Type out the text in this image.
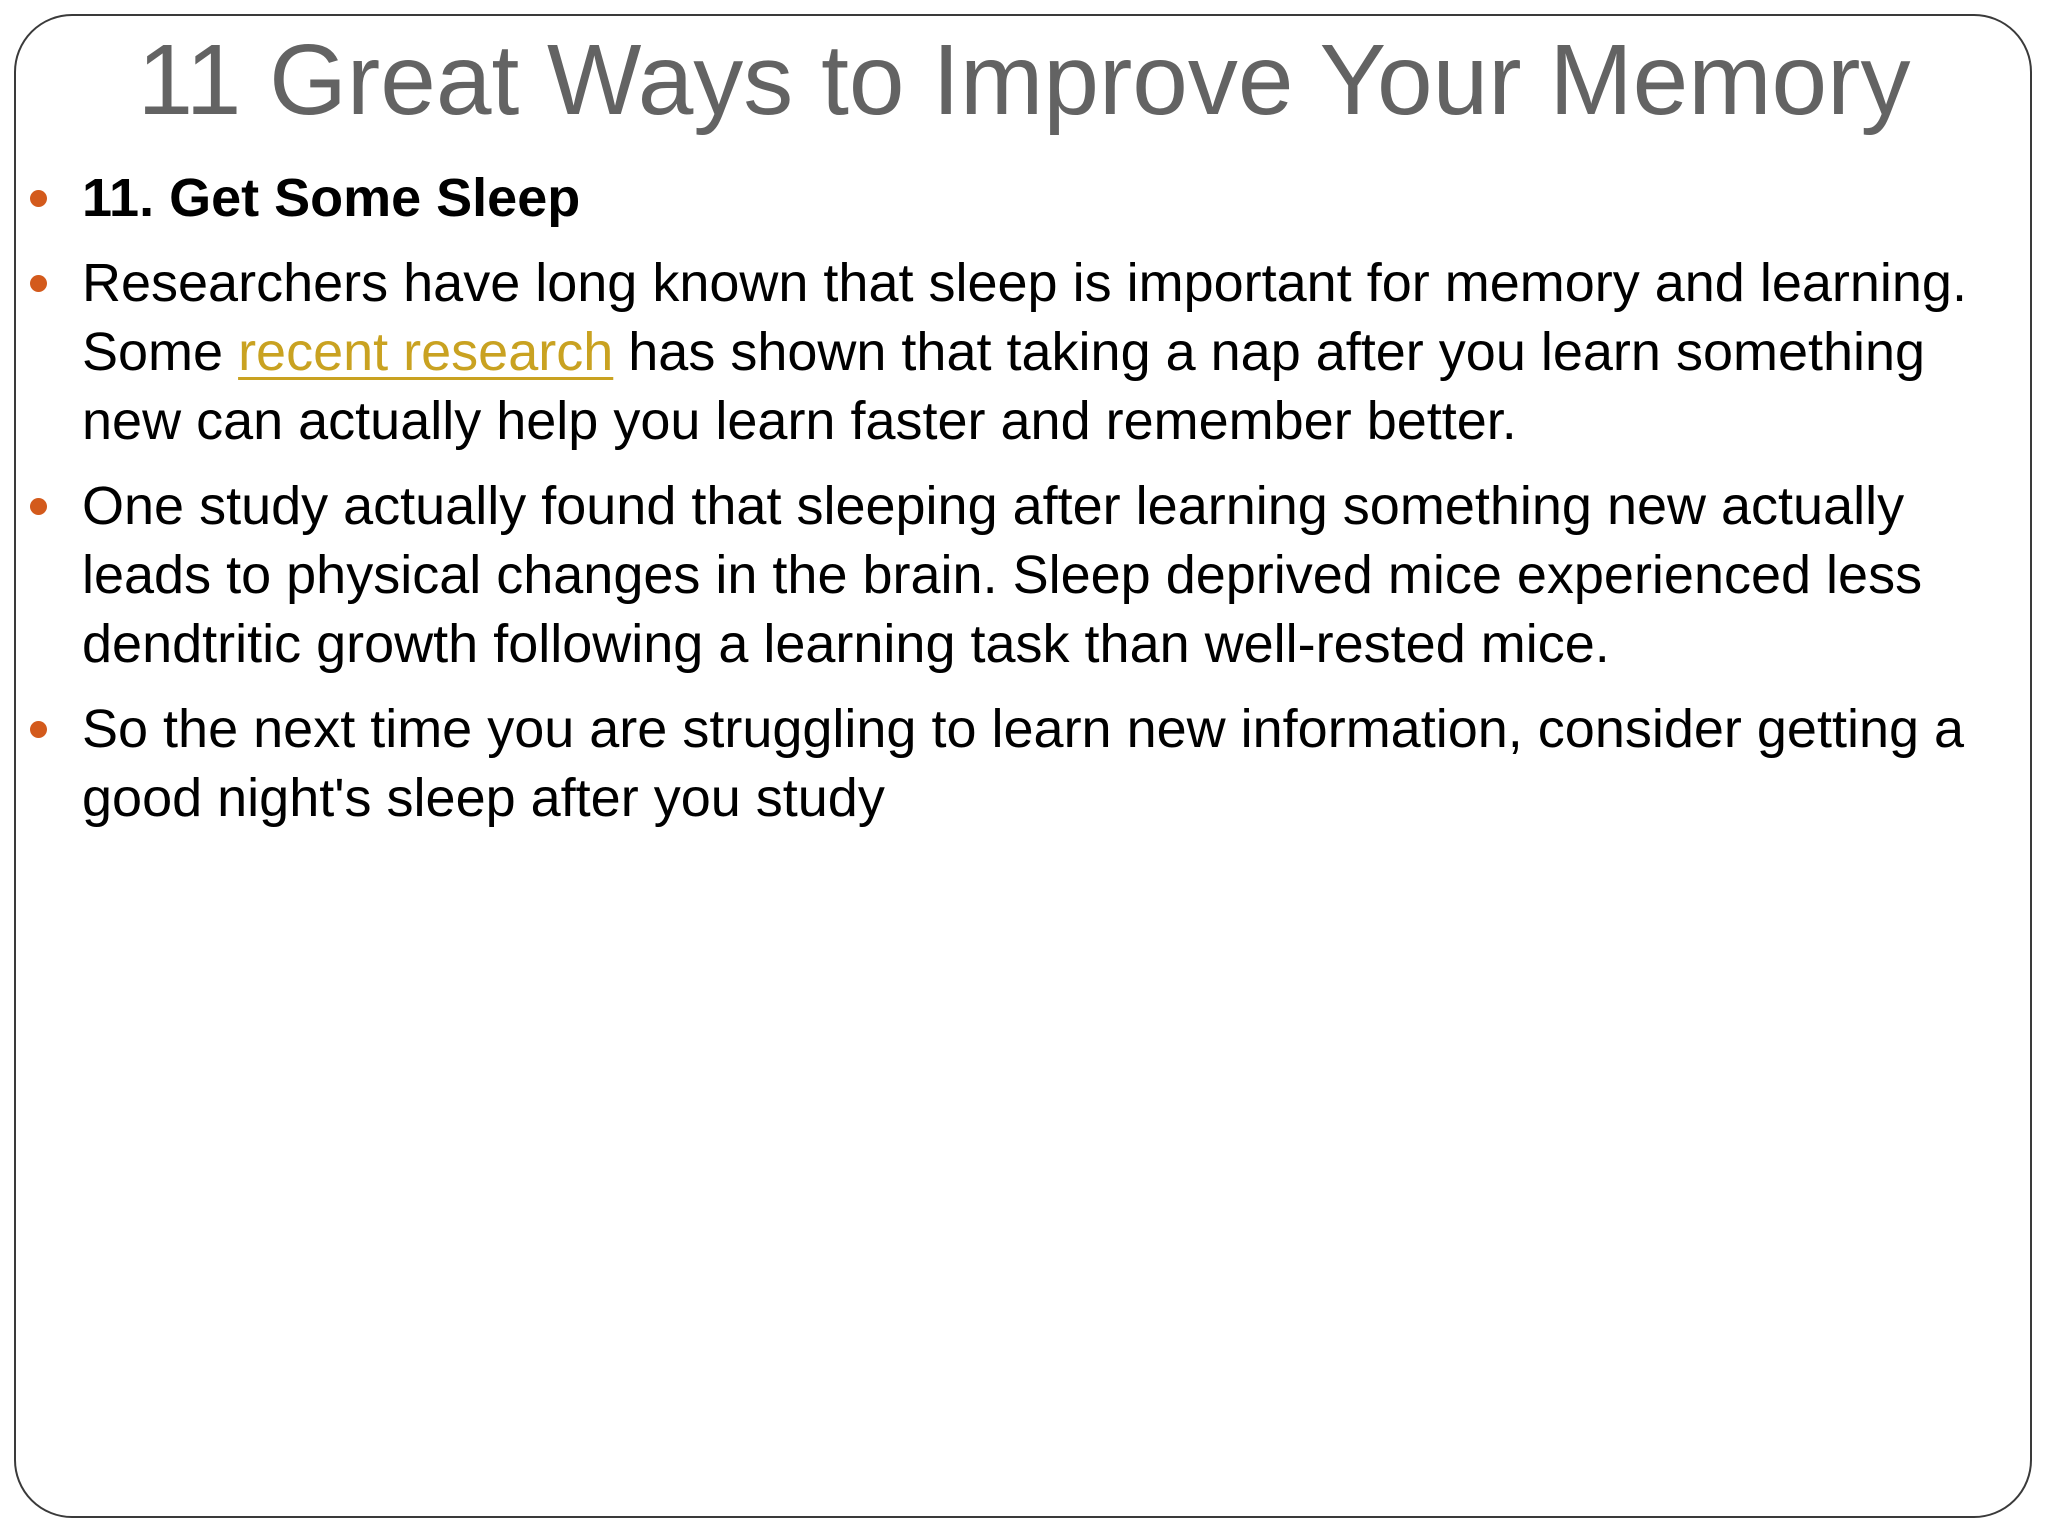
11 Great Ways to Improve Your Memory
11. Get Some Sleep
Researchers have long known that sleep is important for memory and learning. Some recent research has shown that taking a nap after you learn something new can actually help you learn faster and remember better.
One study actually found that sleeping after learning something new actually leads to physical changes in the brain. Sleep deprived mice experienced less dendtritic growth following a learning task than well-rested mice.
So the next time you are struggling to learn new information, consider getting a good night's sleep after you study
